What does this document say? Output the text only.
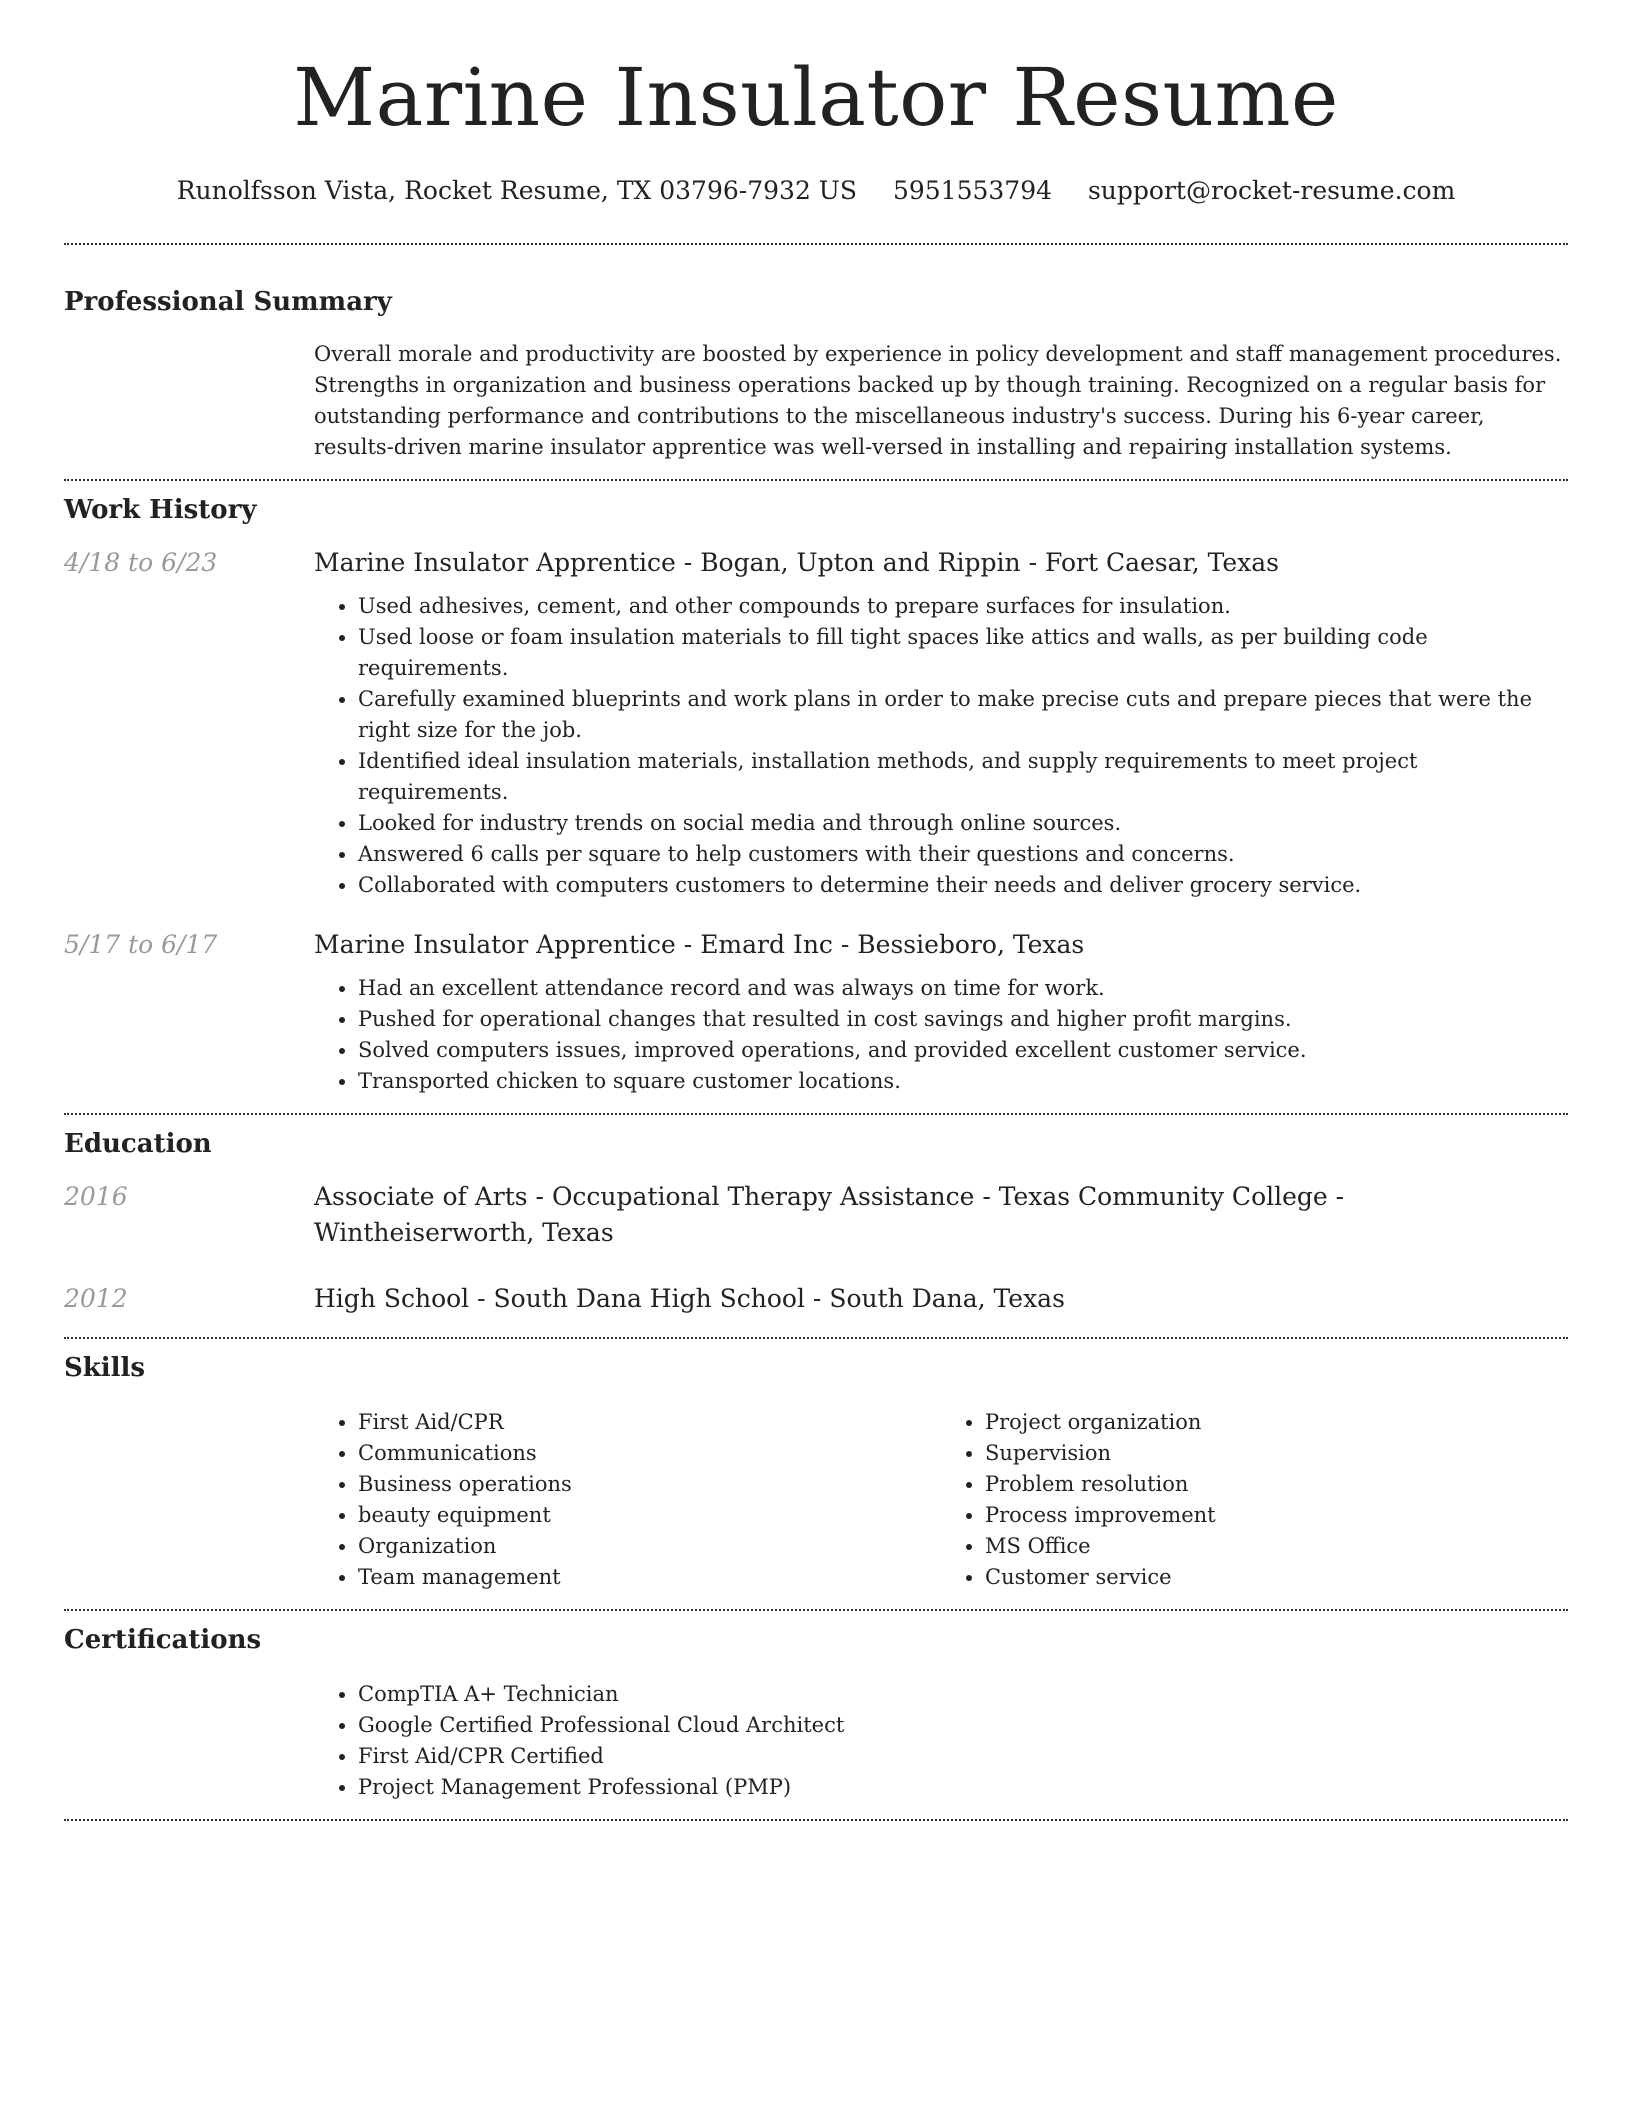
Marine Insulator Resume
Runolfsson Vista, Rocket Resume, TX 03796-7932 US 5951553794 support@rocket-resume.com
Professional Summary

Overall morale and productivity are boosted by experience in policy development and staff management procedures. Strengths in organization and business operations backed up by though training. Recognized on a regular basis for outstanding performance and contributions to the miscellaneous industry's success. During his 6-year career, results-driven marine insulator apprentice was well-versed in installing and repairing installation systems.

Work History
4/18 to 6/23	Marine Insulator Apprentice - Bogan, Upton and Rippin - Fort Caesar, Texas

• Used adhesives, cement, and other compounds to prepare surfaces for insulation.
• Used loose or foam insulation materials to fill tight spaces like attics and walls, as per building code requirements.
• Carefully examined blueprints and work plans in order to make precise cuts and prepare pieces that were the right size for the job.
• Identified ideal insulation materials, installation methods, and supply requirements to meet project requirements.
• Looked for industry trends on social media and through online sources.
• Answered 6 calls per square to help customers with their questions and concerns.
• Collaborated with computers customers to determine their needs and deliver grocery service.
5/17 to 6/17	Marine Insulator Apprentice - Emard Inc - Bessieboro, Texas

• Had an excellent attendance record and was always on time for work.
• Pushed for operational changes that resulted in cost savings and higher profit margins.
• Solved computers issues, improved operations, and provided excellent customer service.
• Transported chicken to square customer locations.
Education
2016	Associate of Arts - Occupational Therapy Assistance - Texas Community College - Wintheiserworth, Texas

2012	High School - South Dana High School - South Dana, Texas

Skills
• First Aid/CPR
• Communications
• Business operations
• beauty equipment
• Organization
• Team management
• Project organization
• Supervision
• Problem resolution
• Process improvement
• MS Office
• Customer service
Certifications
• CompTIA A+ Technician
• Google Certified Professional Cloud Architect
• First Aid/CPR Certified
• Project Management Professional (PMP)
